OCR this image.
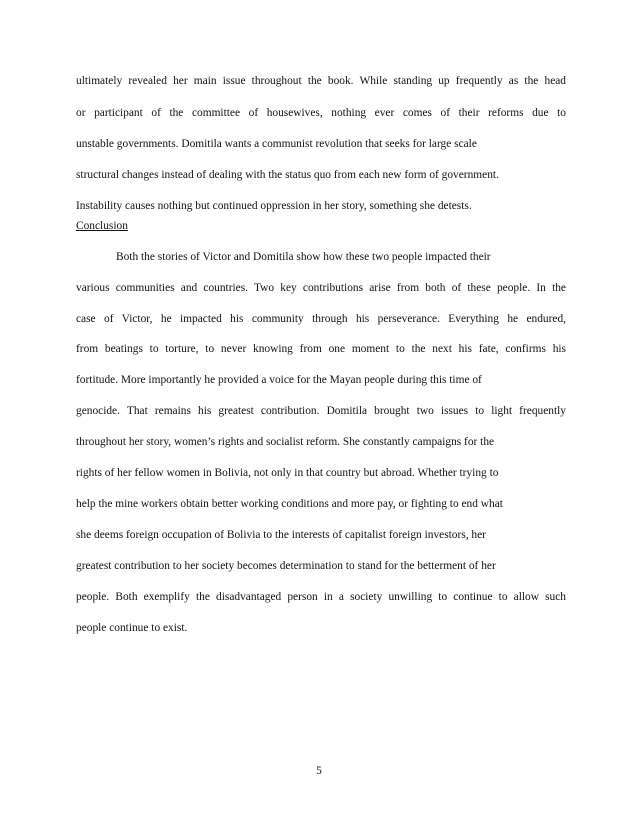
ultimately revealed her main issue throughout the book. While standing up frequently as the head
or participant of the committee of housewives, nothing ever comes of their reforms due to
unstable governments. Domitila wants a communist revolution that seeks for large scale
structural changes instead of dealing with the status quo from each new form of government.
Instability causes nothing but continued oppression in her story, something she detests.
Conclusion
Both the stories of Victor and Domitila show how these two people impacted their
various communities and countries. Two key contributions arise from both of these people. In the
case of Victor, he impacted his community through his perseverance. Everything he endured,
from beatings to torture, to never knowing from one moment to the next his fate, confirms his
fortitude. More importantly he provided a voice for the Mayan people during this time of
genocide. That remains his greatest contribution. Domitila brought two issues to light frequently
throughout her story, women’s rights and socialist reform. She constantly campaigns for the
rights of her fellow women in Bolivia, not only in that country but abroad. Whether trying to
help the mine workers obtain better working conditions and more pay, or fighting to end what
she deems foreign occupation of Bolivia to the interests of capitalist foreign investors, her
greatest contribution to her society becomes determination to stand for the betterment of her
people. Both exemplify the disadvantaged person in a society unwilling to continue to allow such
people continue to exist.
5
